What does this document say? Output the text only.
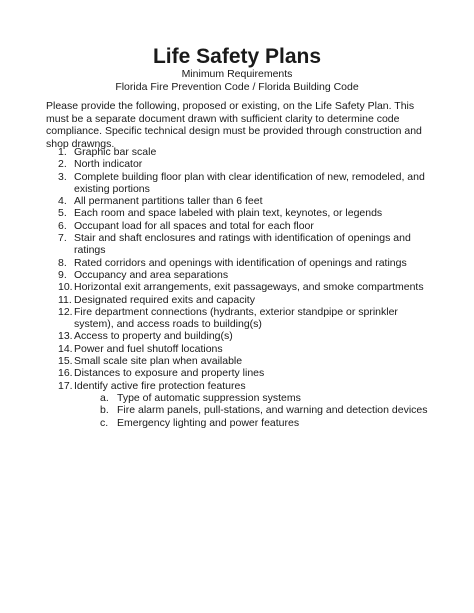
Life Safety Plans
Minimum Requirements
Florida Fire Prevention Code / Florida Building Code

Please provide the following, proposed or existing, on the Life Safety Plan. This must be a separate document drawn with sufficient clarity to determine code compliance. Specific technical design must be provided through construction and shop drawngs.

1. Graphic bar scale
2. North indicator
3. Complete building floor plan with clear identification of new, remodeled, and existing portions
4. All permanent partitions taller than 6 feet
5. Each room and space labeled with plain text, keynotes, or legends
6. Occupant load for all spaces and total for each floor
7. Stair and shaft enclosures and ratings with identification of openings and ratings
8. Rated corridors and openings with identification of openings and ratings
9. Occupancy and area separations
10. Horizontal exit arrangements, exit passageways, and smoke compartments
11. Designated required exits and capacity
12. Fire department connections (hydrants, exterior standpipe or sprinkler system), and access roads to building(s)
13. Access to property and building(s)
14. Power and fuel shutoff locations
15. Small scale site plan when available
16. Distances to exposure and property lines
17. Identify active fire protection features
a. Type of automatic suppression systems
b. Fire alarm panels, pull-stations, and warning and detection devices
c. Emergency lighting and power features
